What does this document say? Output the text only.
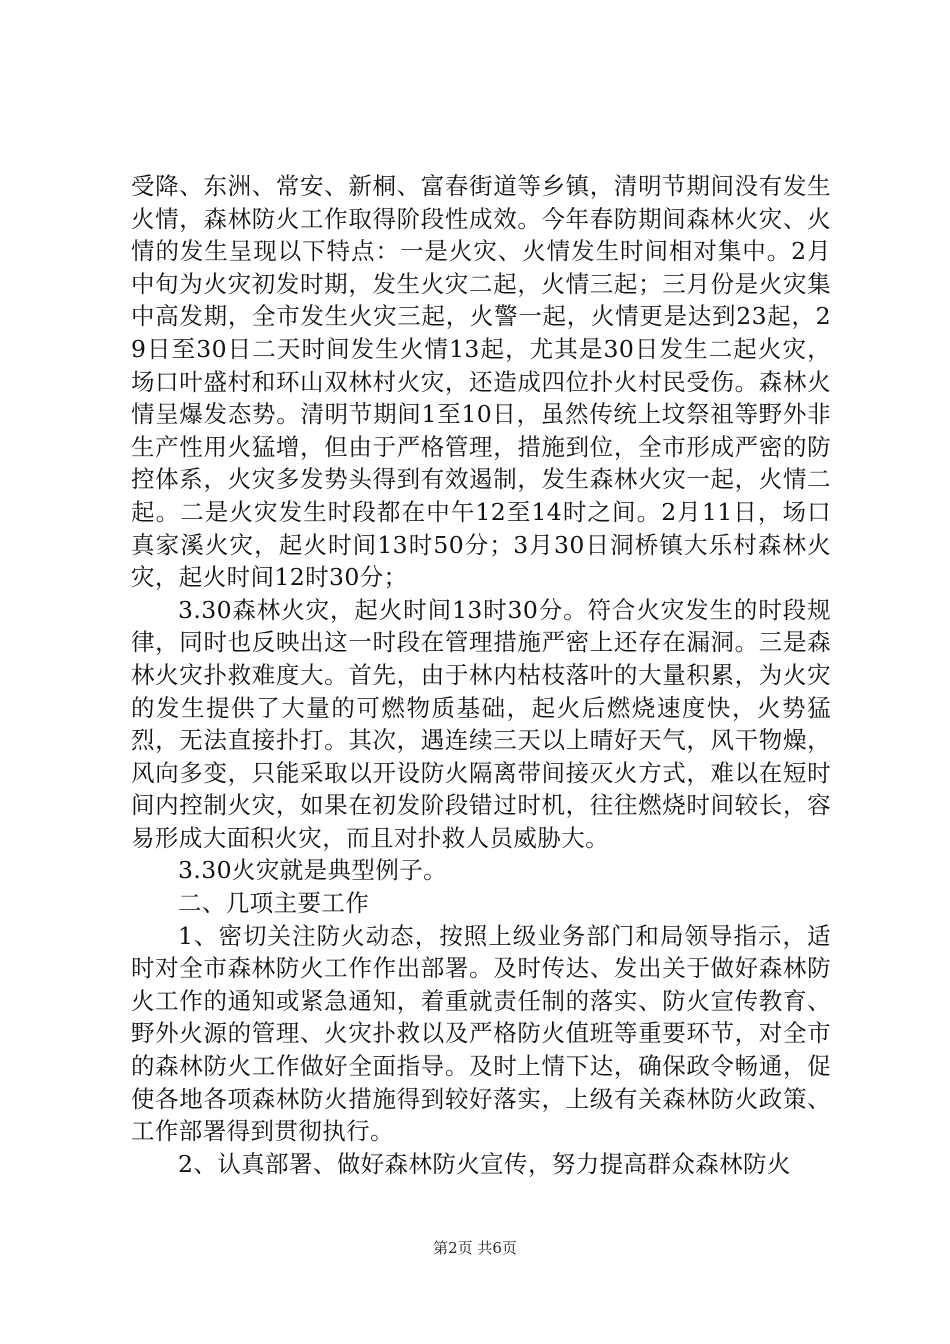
受降、东洲、常安、新桐、富春街道等乡镇，清明节期间没有发生火情，森林防火工作取得阶段性成效。今年春防期间森林火灾、火情的发生呈现以下特点：一是火灾、火情发生时间相对集中。2月中旬为火灾初发时期，发生火灾二起，火情三起；三月份是火灾集中高发期，全市发生火灾三起，火警一起，火情更是达到23起，29日至30日二天时间发生火情13起，尤其是30日发生二起火灾，场口叶盛村和环山双林村火灾，还造成四位扑火村民受伤。森林火情呈爆发态势。清明节期间1至10日，虽然传统上坟祭祖等野外非生产性用火猛增，但由于严格管理，措施到位，全市形成严密的防控体系，火灾多发势头得到有效遏制，发生森林火灾一起，火情二起。二是火灾发生时段都在中午12至14时之间。2月11日，场口真家溪火灾，起火时间13时50分；3月30日洞桥镇大乐村森林火灾，起火时间12时30分；

3.30森林火灾，起火时间13时30分。符合火灾发生的时段规律，同时也反映出这一时段在管理措施严密上还存在漏洞。三是森林火灾扑救难度大。首先，由于林内枯枝落叶的大量积累，为火灾的发生提供了大量的可燃物质基础，起火后燃烧速度快，火势猛烈，无法直接扑打。其次，遇连续三天以上晴好天气，风干物燥，风向多变，只能采取以开设防火隔离带间接灭火方式，难以在短时间内控制火灾，如果在初发阶段错过时机，往往燃烧时间较长，容易形成大面积火灾，而且对扑救人员威胁大。

3.30火灾就是典型例子。

二、几项主要工作

1、密切关注防火动态，按照上级业务部门和局领导指示，适时对全市森林防火工作作出部署。及时传达、发出关于做好森林防火工作的通知或紧急通知，着重就责任制的落实、防火宣传教育、野外火源的管理、火灾扑救以及严格防火值班等重要环节，对全市的森林防火工作做好全面指导。及时上情下达，确保政令畅通，促使各地各项森林防火措施得到较好落实，上级有关森林防火政策、工作部署得到贯彻执行。

2、认真部署、做好森林防火宣传，努力提高群众森林防火

第2页 共6页
